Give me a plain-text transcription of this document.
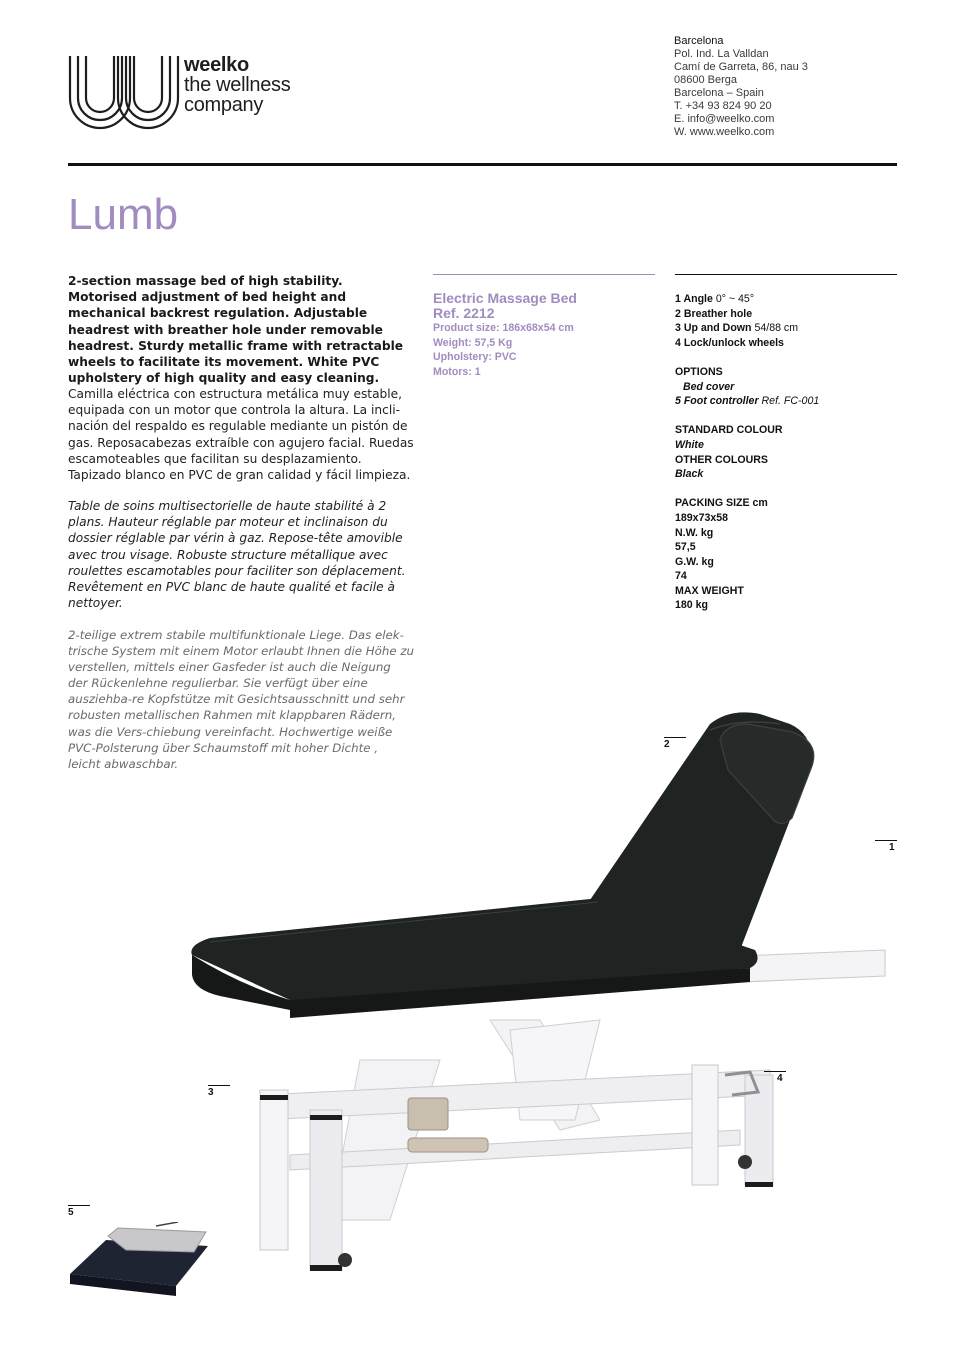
weelko
the wellness
company
Barcelona
Pol. Ind. La Valldan
Camí de Garreta, 86, nau 3
08600 Berga
Barcelona – Spain
T. +34 93 824 90 20
E. info@weelko.com
W. www.weelko.com
Lumb
2-section massage bed of high stability. Motorised adjustment of bed height and mechanical backrest regulation. Adjustable headrest with breather hole under removable headrest. Sturdy metallic frame with retractable wheels to facilitate its movement. White PVC upholstery of high quality and easy cleaning.
Camilla eléctrica con estructura metálica muy estable, equipada con un motor que controla la altura. La incli-nación del respaldo es regulable mediante un pistón de gas. Reposacabezas extraíble con agujero facial. Ruedas escamoteables que facilitan su desplazamiento. Tapizado blanco en PVC de gran calidad y fácil limpieza.
Table de soins multisectorielle de haute stabilité à 2 plans. Hauteur réglable par moteur et inclinaison du dossier réglable par vérin à gaz. Repose-tête amovible avec trou visage. Robuste structure métallique avec roulettes escamotables pour faciliter son déplacement. Revêtement en PVC blanc de haute qualité et facile à nettoyer.
2-teilige extrem stabile multifunktionale Liege. Das elek-trische System mit einem Motor erlaubt Ihnen die Höhe zu verstellen, mittels einer Gasfeder ist auch die Neigung der Rückenlehne regulierbar. Sie verfügt über eine ausziehba-re Kopfstütze mit Gesichtsausschnitt und sehr robusten metallischen Rahmen mit klappbaren Rädern, was die Vers-chiebung vereinfacht. Hochwertige weiße PVC-Polsterung über Schaumstoff mit hoher Dichte , leicht abwaschbar.
Electric Massage Bed
Ref. 2212
Product size: 186x68x54 cm
Weight: 57,5 Kg
Upholstery: PVC
Motors: 1
1 Angle 0° ~ 45°
2 Breather hole
3 Up and Down 54/88 cm
4 Lock/unlock wheels
OPTIONS
Bed cover
5 Foot controller Ref. FC-001
STANDARD COLOUR
White
OTHER COLOURS
Black
PACKING SIZE cm
189x73x58
N.W. kg
57,5
G.W. kg
74
MAX WEIGHT
180 kg
2
1
3
4
5
